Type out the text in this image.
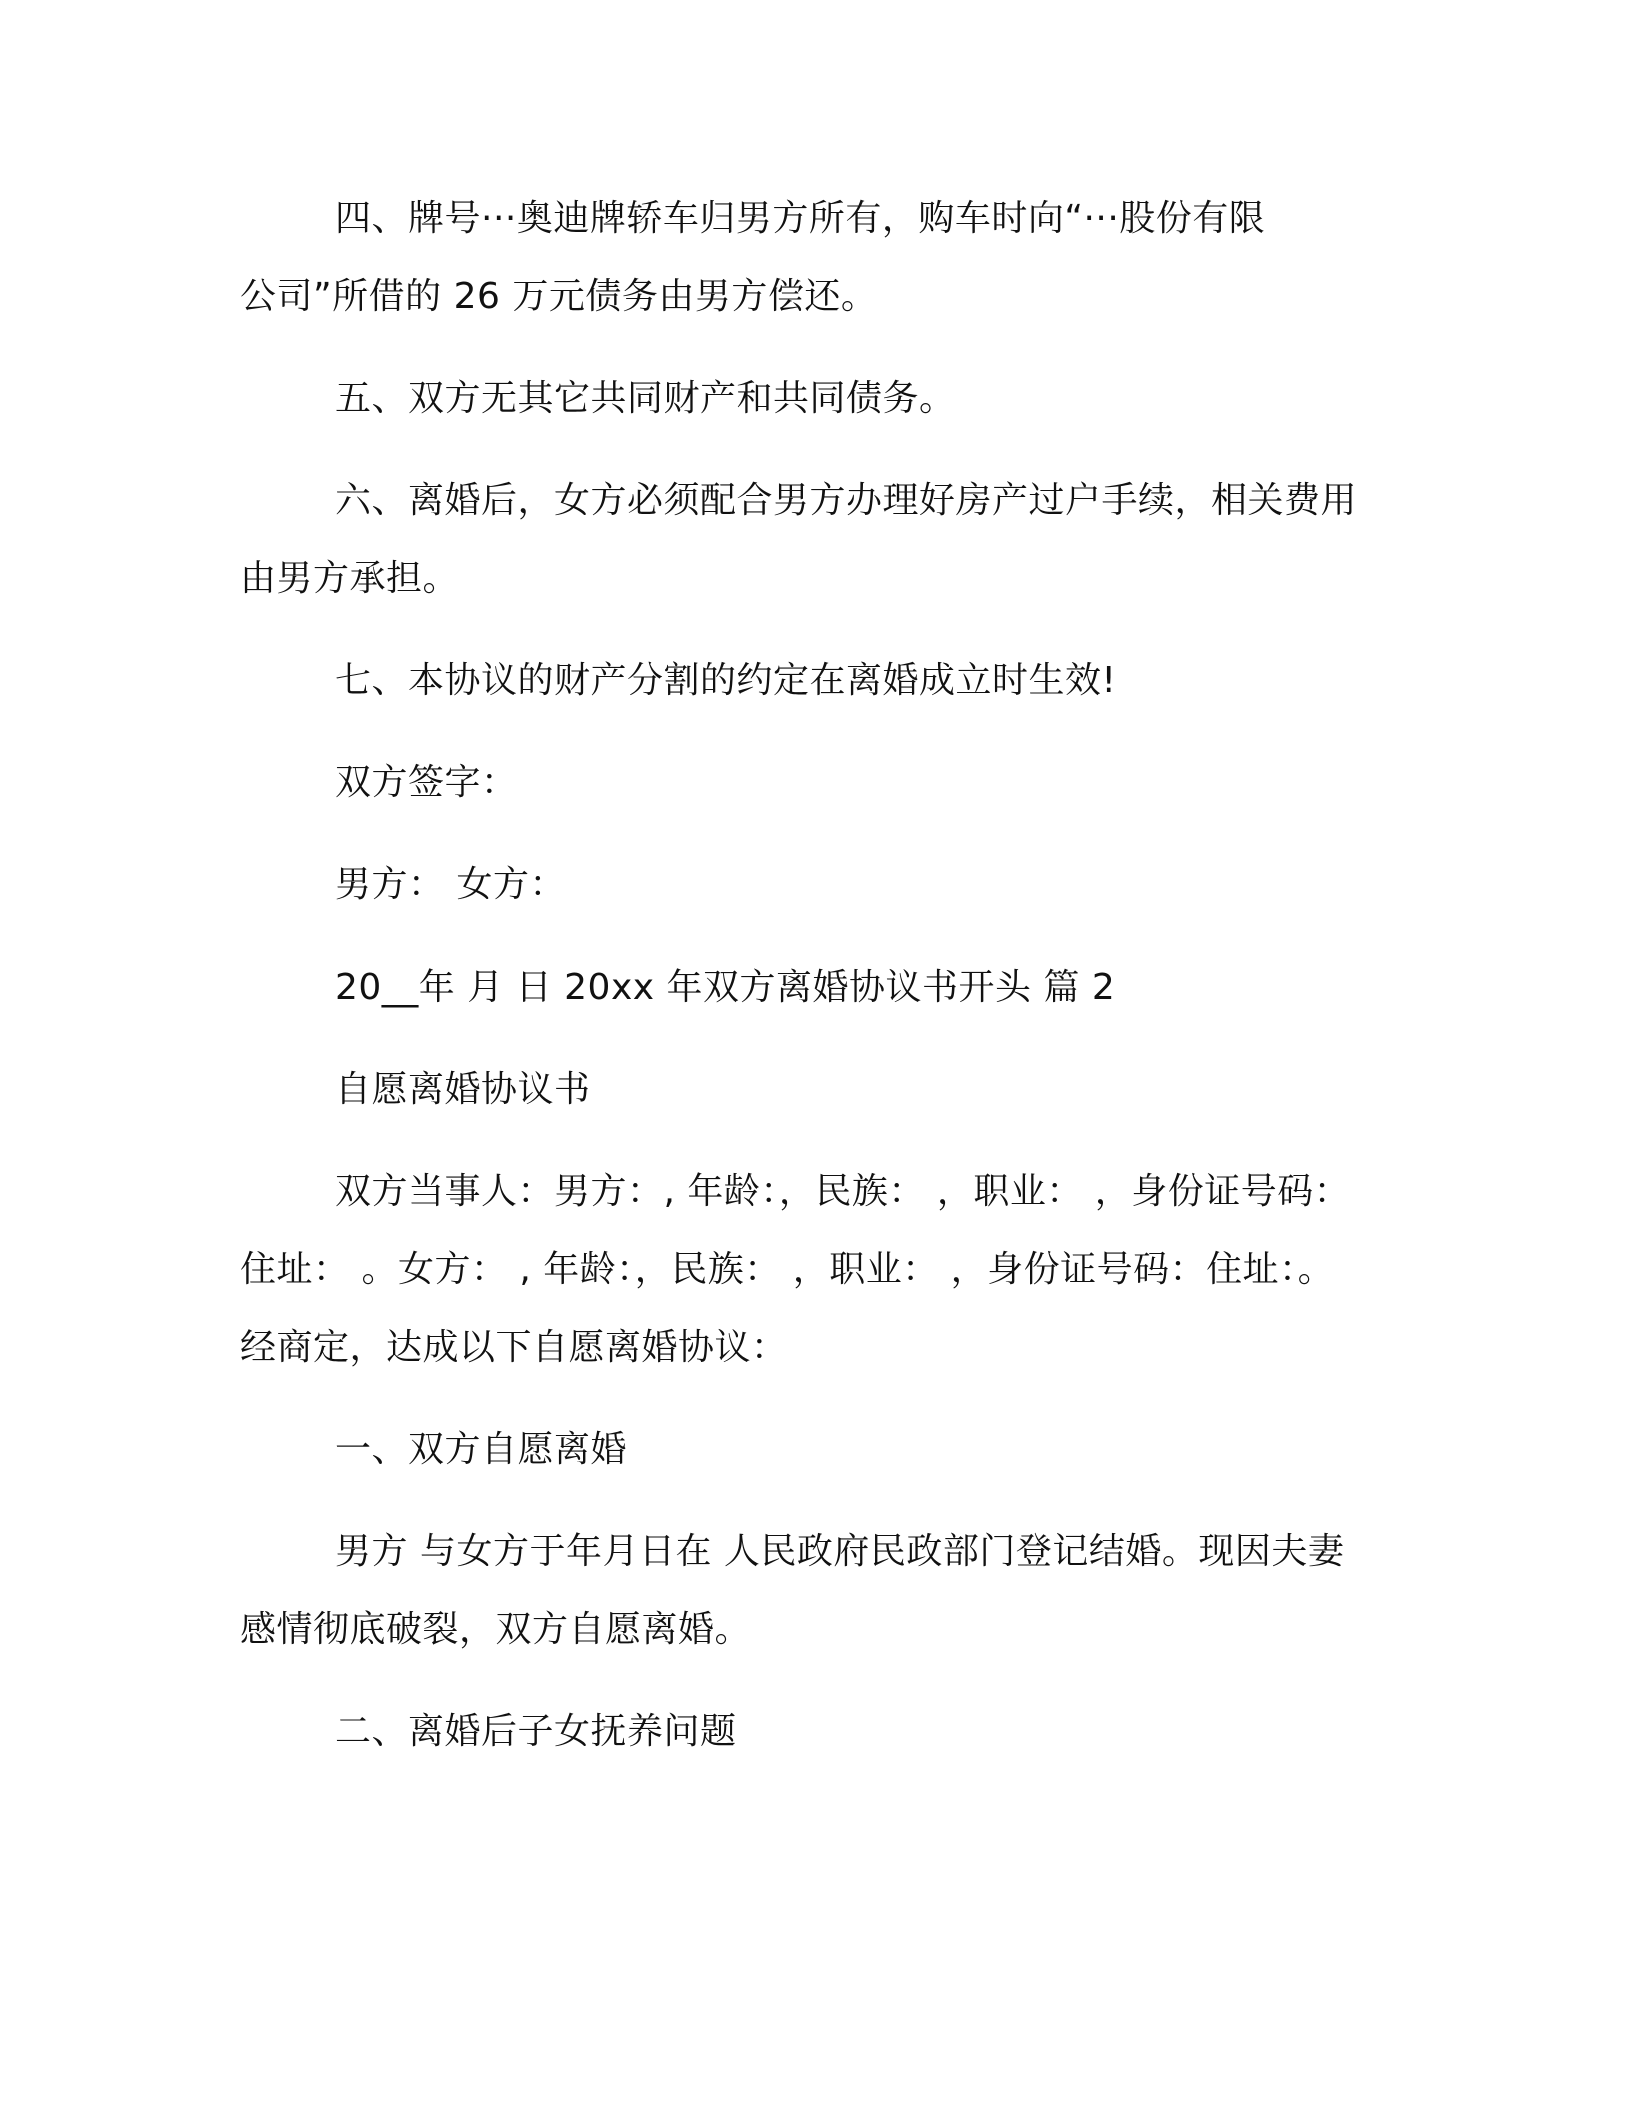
四、牌号···奥迪牌轿车归男方所有，购车时向“···股份有限
公司”所借的 26 万元债务由男方偿还。
五、双方无其它共同财产和共同债务。
六、离婚后，女方必须配合男方办理好房产过户手续，相关费用
由男方承担。
七、本协议的财产分割的约定在离婚成立时生效!
双方签字：
男方： 女方：
20__年 月 日 20xx 年双方离婚协议书开头 篇 2
自愿离婚协议书
双方当事人：男方：, 年龄：，民族： ，职业： ，身份证号码：
住址： 。女方： , 年龄：，民族： ，职业： ，身份证号码：住址：。
经商定，达成以下自愿离婚协议：
一、双方自愿离婚
男方 与女方于年月日在 人民政府民政部门登记结婚。现因夫妻
感情彻底破裂，双方自愿离婚。
二、离婚后子女抚养问题
